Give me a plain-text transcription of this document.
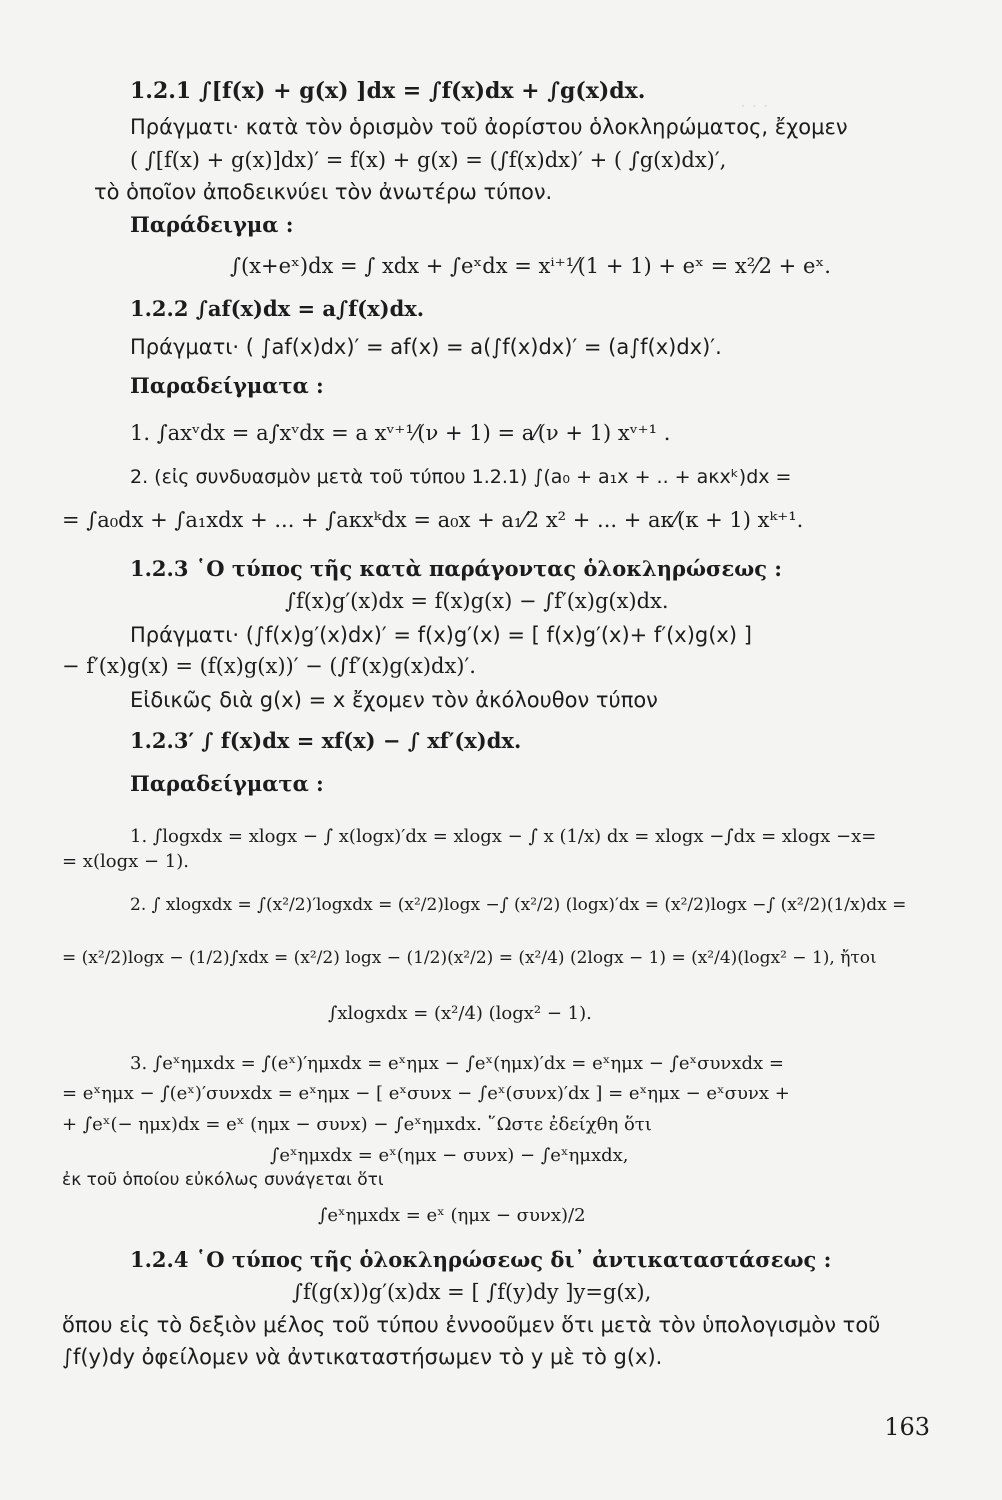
· · ·
1.2.1 ∫[f(x) + g(x) ]dx = ∫f(x)dx + ∫g(x)dx.
Πράγματι· κατὰ τὸν ὁρισμὸν τοῦ ἀορίστου ὁλοκληρώματος, ἔχομεν
( ∫[f(x) + g(x)]dx)′ = f(x) + g(x) = (∫f(x)dx)′ + ( ∫g(x)dx)′,
τὸ ὁποῖον ἀποδεικνύει τὸν ἀνωτέρω τύπον.
Παράδειγμα :
∫(x+eˣ)dx = ∫ xdx + ∫eˣdx = xⁱ⁺¹⁄(1 + 1) + eˣ = x²⁄2 + eˣ.
1.2.2 ∫af(x)dx = a∫f(x)dx.
Πράγματι· ( ∫af(x)dx)′ = af(x) = a(∫f(x)dx)′ = (a∫f(x)dx)′.
Παραδείγματα :
1. ∫axᵛdx = a∫xᵛdx = a xᵛ⁺¹⁄(ν + 1) = a⁄(ν + 1) xᵛ⁺¹ .
2. (εἰς συνδυασμὸν μετὰ τοῦ τύπου 1.2.1) ∫(a₀ + a₁x + .. + aκxᵏ)dx =
= ∫a₀dx + ∫a₁xdx + ... + ∫aκxᵏdx = a₀x + a₁⁄2 x² + ... + aκ⁄(κ + 1) xᵏ⁺¹.
1.2.3 ῾Ο τύπος τῆς κατὰ παράγοντας ὁλοκληρώσεως :
∫f(x)g′(x)dx = f(x)g(x) − ∫f′(x)g(x)dx.
Πράγματι· (∫f(x)g′(x)dx)′ = f(x)g′(x) = [ f(x)g′(x)+ f′(x)g(x) ]
− f′(x)g(x) = (f(x)g(x))′ − (∫f′(x)g(x)dx)′.
Εἰδικῶς διὰ g(x) = x ἔχομεν τὸν ἀκόλουθον τύπον
1.2.3′ ∫ f(x)dx = xf(x) − ∫ xf′(x)dx.
Παραδείγματα :
1. ∫logxdx = xlogx − ∫ x(logx)′dx = xlogx − ∫ x (1/x) dx = xlogx −∫dx = xlogx −x=
= x(logx − 1).
2. ∫ xlogxdx = ∫(x²/2)′logxdx = (x²/2)logx −∫ (x²/2) (logx)′dx = (x²/2)logx −∫ (x²/2)(1/x)dx =
= (x²/2)logx − (1/2)∫xdx = (x²/2) logx − (1/2)(x²/2) = (x²/4) (2logx − 1) = (x²/4)(logx² − 1), ἤτοι
∫xlogxdx = (x²/4) (logx² − 1).
3. ∫eˣημxdx = ∫(eˣ)′ημxdx = eˣημx − ∫eˣ(ημx)′dx = eˣημx − ∫eˣσυνxdx =
= eˣημx − ∫(eˣ)′συνxdx = eˣημx − [ eˣσυνx − ∫eˣ(συνx)′dx ] = eˣημx − eˣσυνx +
+ ∫eˣ(− ημx)dx = eˣ (ημx − συνx) − ∫eˣημxdx. ῞Ωστε ἐδείχθη ὅτι
∫eˣημxdx = eˣ(ημx − συνx) − ∫eˣημxdx,
ἐκ τοῦ ὁποίου εὐκόλως συνάγεται ὅτι
∫eˣημxdx = eˣ (ημx − συνx)/2
1.2.4 ῾Ο τύπος τῆς ὁλοκληρώσεως δι᾿ ἀντικαταστάσεως :
∫f(g(x))g′(x)dx = [ ∫f(y)dy ]y=g(x),
ὅπου εἰς τὸ δεξιὸν μέλος τοῦ τύπου ἐννοοῦμεν ὅτι μετὰ τὸν ὑπολογισμὸν τοῦ
∫f(y)dy ὀφείλομεν νὰ ἀντικαταστήσωμεν τὸ y μὲ τὸ g(x).
163
